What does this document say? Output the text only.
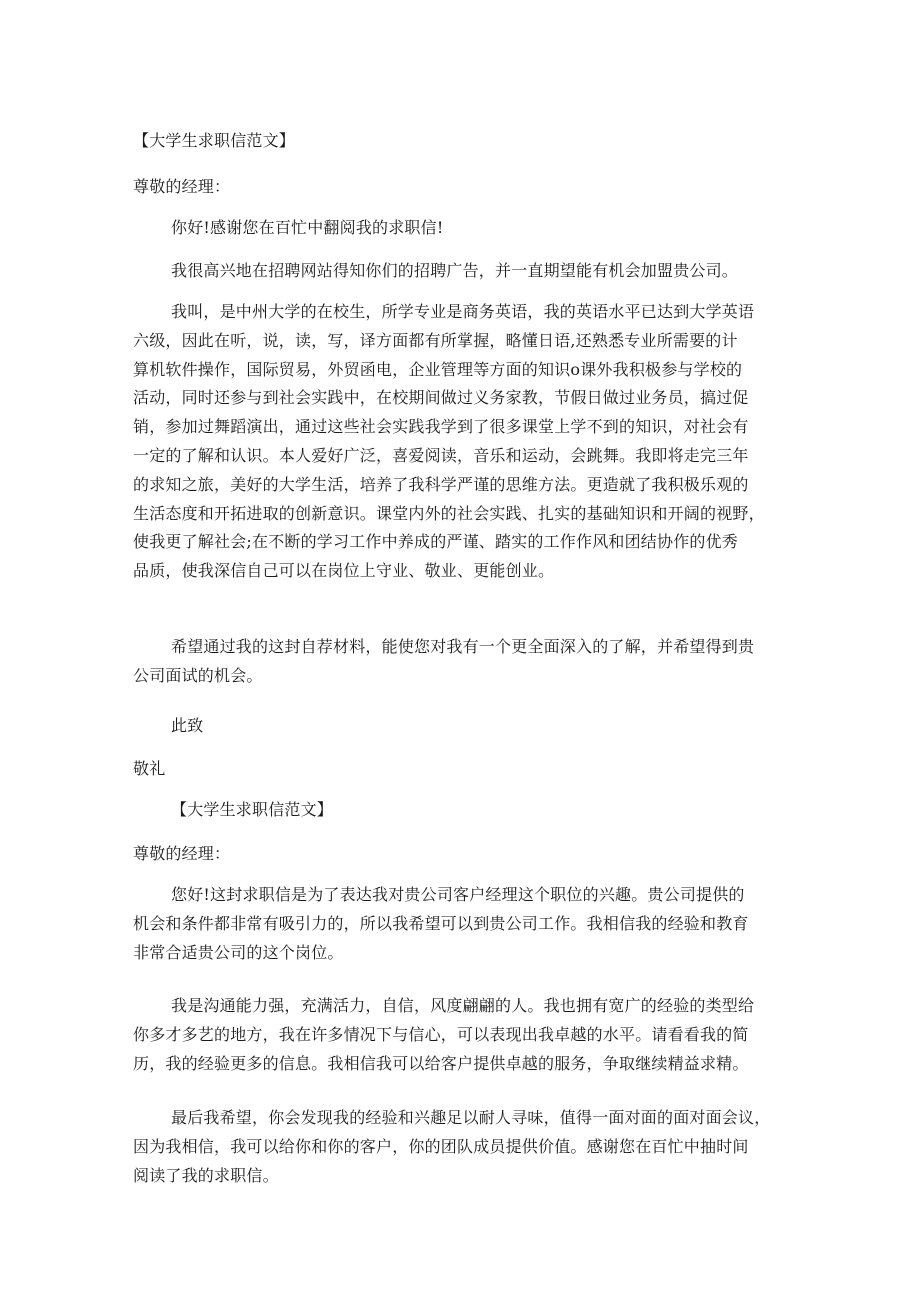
【大学生求职信范文】
尊敬的经理：
你好!感谢您在百忙中翻阅我的求职信!
我很高兴地在招聘网站得知你们的招聘广告，并一直期望能有机会加盟贵公司。
我叫，是中州大学的在校生，所学专业是商务英语，我的英语水平已达到大学英语
六级，因此在听，说，读，写，译方面都有所掌握，略懂日语,还熟悉专业所需要的计
算机软件操作，国际贸易，外贸函电，企业管理等方面的知识o课外我积极参与学校的
活动，同时还参与到社会实践中，在校期间做过义务家教，节假日做过业务员，搞过促
销，参加过舞蹈演出，通过这些社会实践我学到了很多课堂上学不到的知识，对社会有
一定的了解和认识。本人爱好广泛，喜爱阅读，音乐和运动，会跳舞。我即将走完三年
的求知之旅，美好的大学生活，培养了我科学严谨的思维方法。更造就了我积极乐观的
生活态度和开拓进取的创新意识。课堂内外的社会实践、扎实的基础知识和开阔的视野，
使我更了解社会;在不断的学习工作中养成的严谨、踏实的工作作风和团结协作的优秀
品质，使我深信自己可以在岗位上守业、敬业、更能创业。
希望通过我的这封自荐材料，能使您对我有一个更全面深入的了解，并希望得到贵
公司面试的机会。
此致
敬礼
【大学生求职信范文】
尊敬的经理：
您好!这封求职信是为了表达我对贵公司客户经理这个职位的兴趣。贵公司提供的
机会和条件都非常有吸引力的，所以我希望可以到贵公司工作。我相信我的经验和教育
非常合适贵公司的这个岗位。
我是沟通能力强，充满活力，自信，风度翩翩的人。我也拥有宽广的经验的类型给
你多才多艺的地方，我在许多情况下与信心，可以表现出我卓越的水平。请看看我的简
历，我的经验更多的信息。我相信我可以给客户提供卓越的服务，争取继续精益求精。
最后我希望，你会发现我的经验和兴趣足以耐人寻味，值得一面对面的面对面会议，
因为我相信，我可以给你和你的客户，你的团队成员提供价值。感谢您在百忙中抽时间
阅读了我的求职信。
